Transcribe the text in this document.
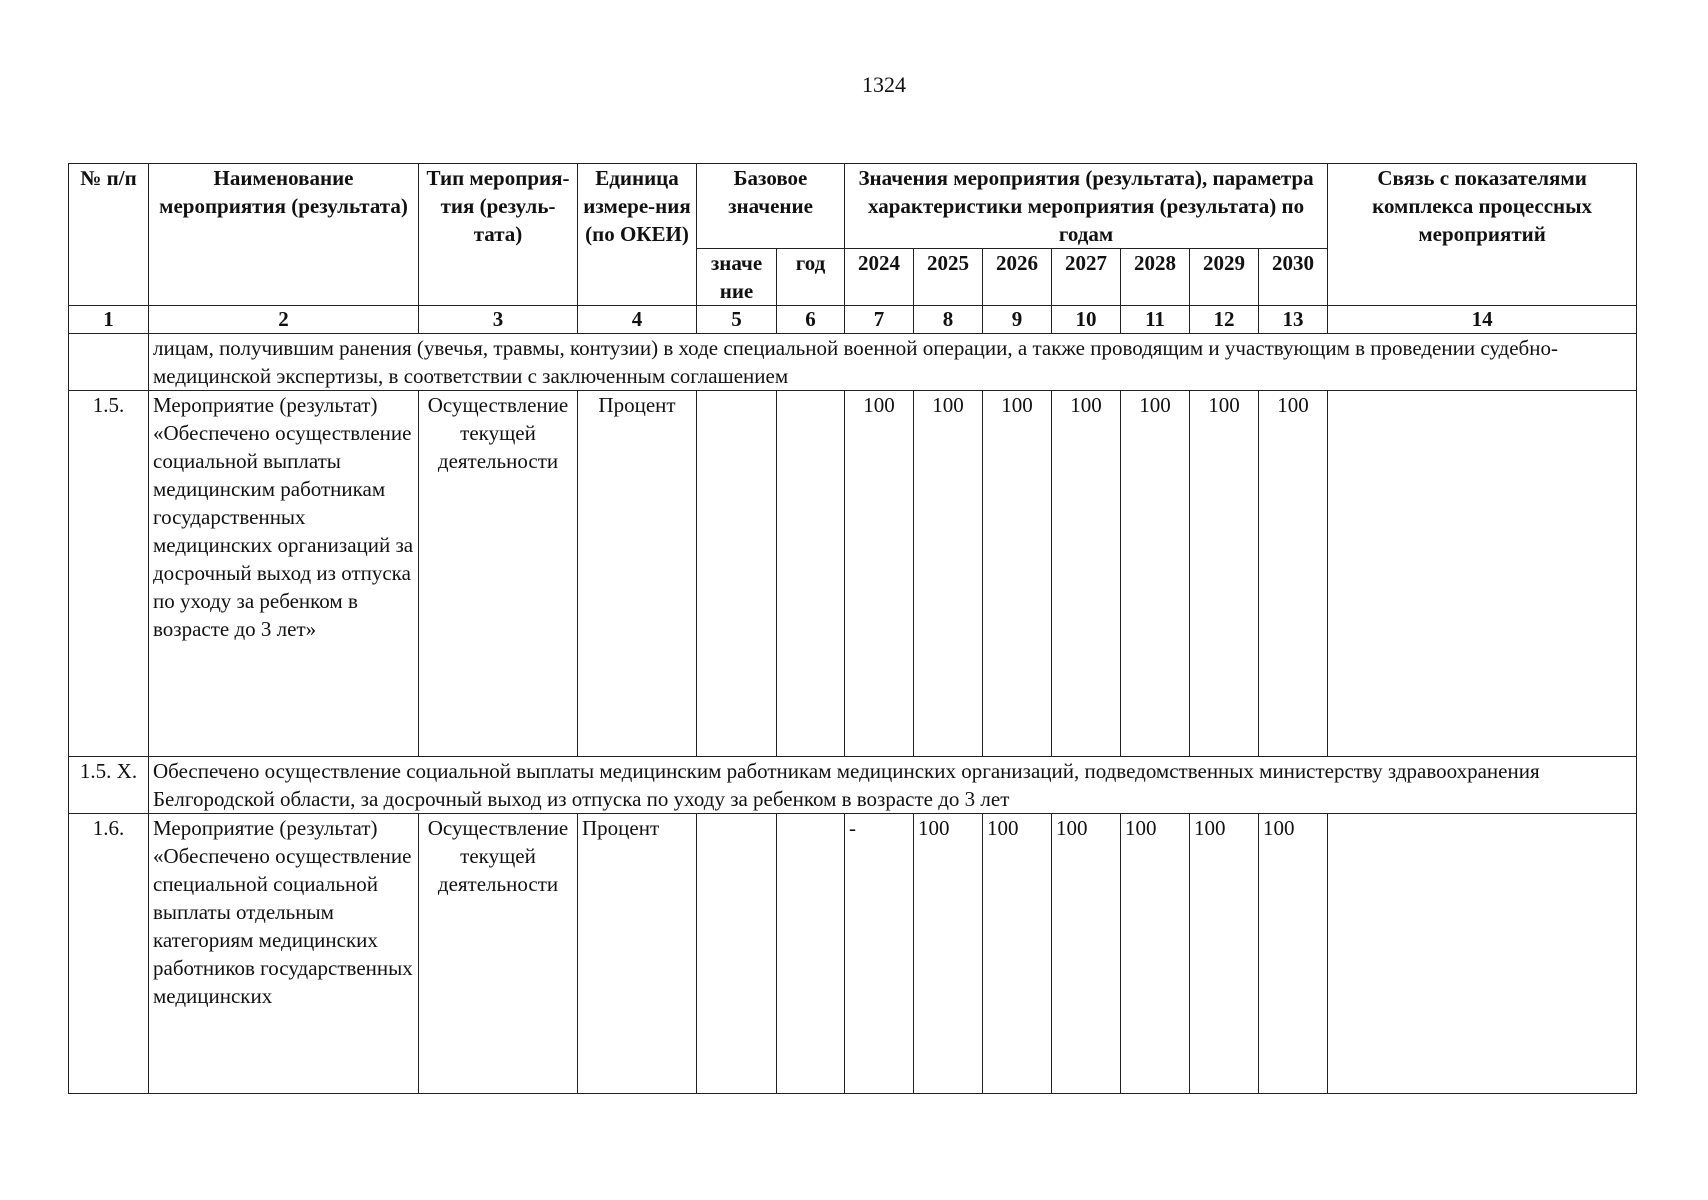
1324
№ п/п	Наименование мероприятия (результата)	Тип мероприя-тия (резуль-тата)	Единица измере-ния (по ОКЕИ)	Базовое значение		Значения мероприятия (результата), параметра характеристики мероприятия (результата) по годам							Связь с показателями комплекса процессных мероприятий
				значе ние	год	2024	2025	2026	2027	2028	2029	2030	
1	2	3	4	5	6	7	8	9	10	11	12	13	14
	лицам, получившим ранения (увечья, травмы, контузии) в ходе специальной военной операции, а также проводящим и участвующим в проведении судебно-медицинской экспертизы, в соответствии с заключенным соглашением												
1.5.	Мероприятие (результат) «Обеспечено осуществление социальной выплаты медицинским работникам государственных медицинских организаций за досрочный выход из отпуска по уходу за ребенком в возрасте до 3 лет»	Осуществление текущей деятельности	Процент			100	100	100	100	100	100	100	
1.5. Х.	Обеспечено осуществление социальной выплаты медицинским работникам медицинских организаций, подведомственных министерству здравоохранения Белгородской области, за досрочный выход из отпуска по уходу за ребенком в возрасте до 3 лет												
1.6.	Мероприятие (результат) «Обеспечено осуществление специальной социальной выплаты отдельным категориям медицинских работников государственных медицинских	Осуществление текущей деятельности	Процент			-	100	100	100	100	100	100	
